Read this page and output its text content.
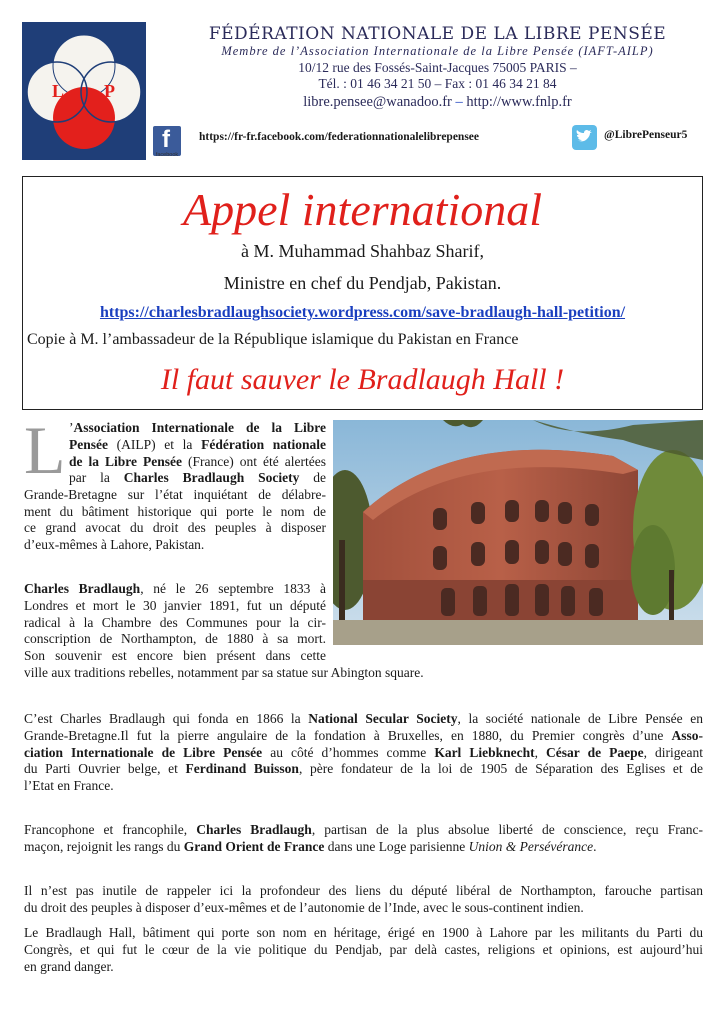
L P
FÉDÉRATION NATIONALE DE LA LIBRE PENSÉE
Membre de l’Association Internationale de la Libre Pensée (IAFT-AILP)
10/12 rue des Fossés-Saint-Jacques 75005 PARIS –
Tél. : 01 46 34 21 50 – Fax : 01 46 34 21 84
libre.pensee@wanadoo.fr – http://www.fnlp.fr
f
facebook
https://fr-fr.facebook.com/federationnationalelibrepensee	@LibrePenseur5
Appel international
à M. Muhammad Shahbaz Sharif,
Ministre en chef du Pendjab, Pakistan.
https://charlesbradlaughsociety.wordpress.com/save-bradlaugh-hall-petition/
Copie à M. l’ambassadeur de la République islamique du Pakistan en France
Il faut sauver le Bradlaugh Hall !
L ’Association Internationale de la Libre
Pensée (AILP) et la Fédération nationale
de la Libre Pensée (France) ont été alertées
par la Charles Bradlaugh Society de
Grande-Bretagne sur l’état inquiétant de délabre-
ment du bâtiment historique qui porte le nom de
ce grand avocat du droit des peuples à disposer
d’eux-mêmes à Lahore, Pakistan.
Charles Bradlaugh, né le 26 septembre 1833 à
Londres et mort le 30 janvier 1891, fut un député
radical à la Chambre des Communes pour la cir-
conscription de Northampton, de 1880 à sa mort.
Son souvenir est encore bien présent dans cette
ville aux traditions rebelles, notamment par sa statue sur Abington square.
C’est Charles Bradlaugh qui fonda en 1866 la National Secular Society, la société nationale de Libre Pensée en
Grande-Bretagne.Il fut la pierre angulaire de la fondation à Bruxelles, en 1880, du Premier congrès d’une Asso-
ciation Internationale de Libre Pensée au côté d’hommes comme Karl Liebknecht, César de Paepe, dirigeant
du Parti Ouvrier belge, et Ferdinand Buisson, père fondateur de la loi de 1905 de Séparation des Eglises et de
l’Etat en France.
Francophone et francophile, Charles Bradlaugh, partisan de la plus absolue liberté de conscience, reçu Franc-
maçon, rejoignit les rangs du Grand Orient de France dans une Loge parisienne Union & Persévérance.
Il n’est pas inutile de rappeler ici la profondeur des liens du député libéral de Northampton, farouche partisan
du droit des peuples à disposer d’eux-mêmes et de l’autonomie de l’Inde, avec le sous-continent indien.
Le Bradlaugh Hall, bâtiment qui porte son nom en héritage, érigé en 1900 à Lahore par les militants du Parti du
Congrès, et qui fut le cœur de la vie politique du Pendjab, par delà castes, religions et opinions, est aujourd’hui
en grand danger.
